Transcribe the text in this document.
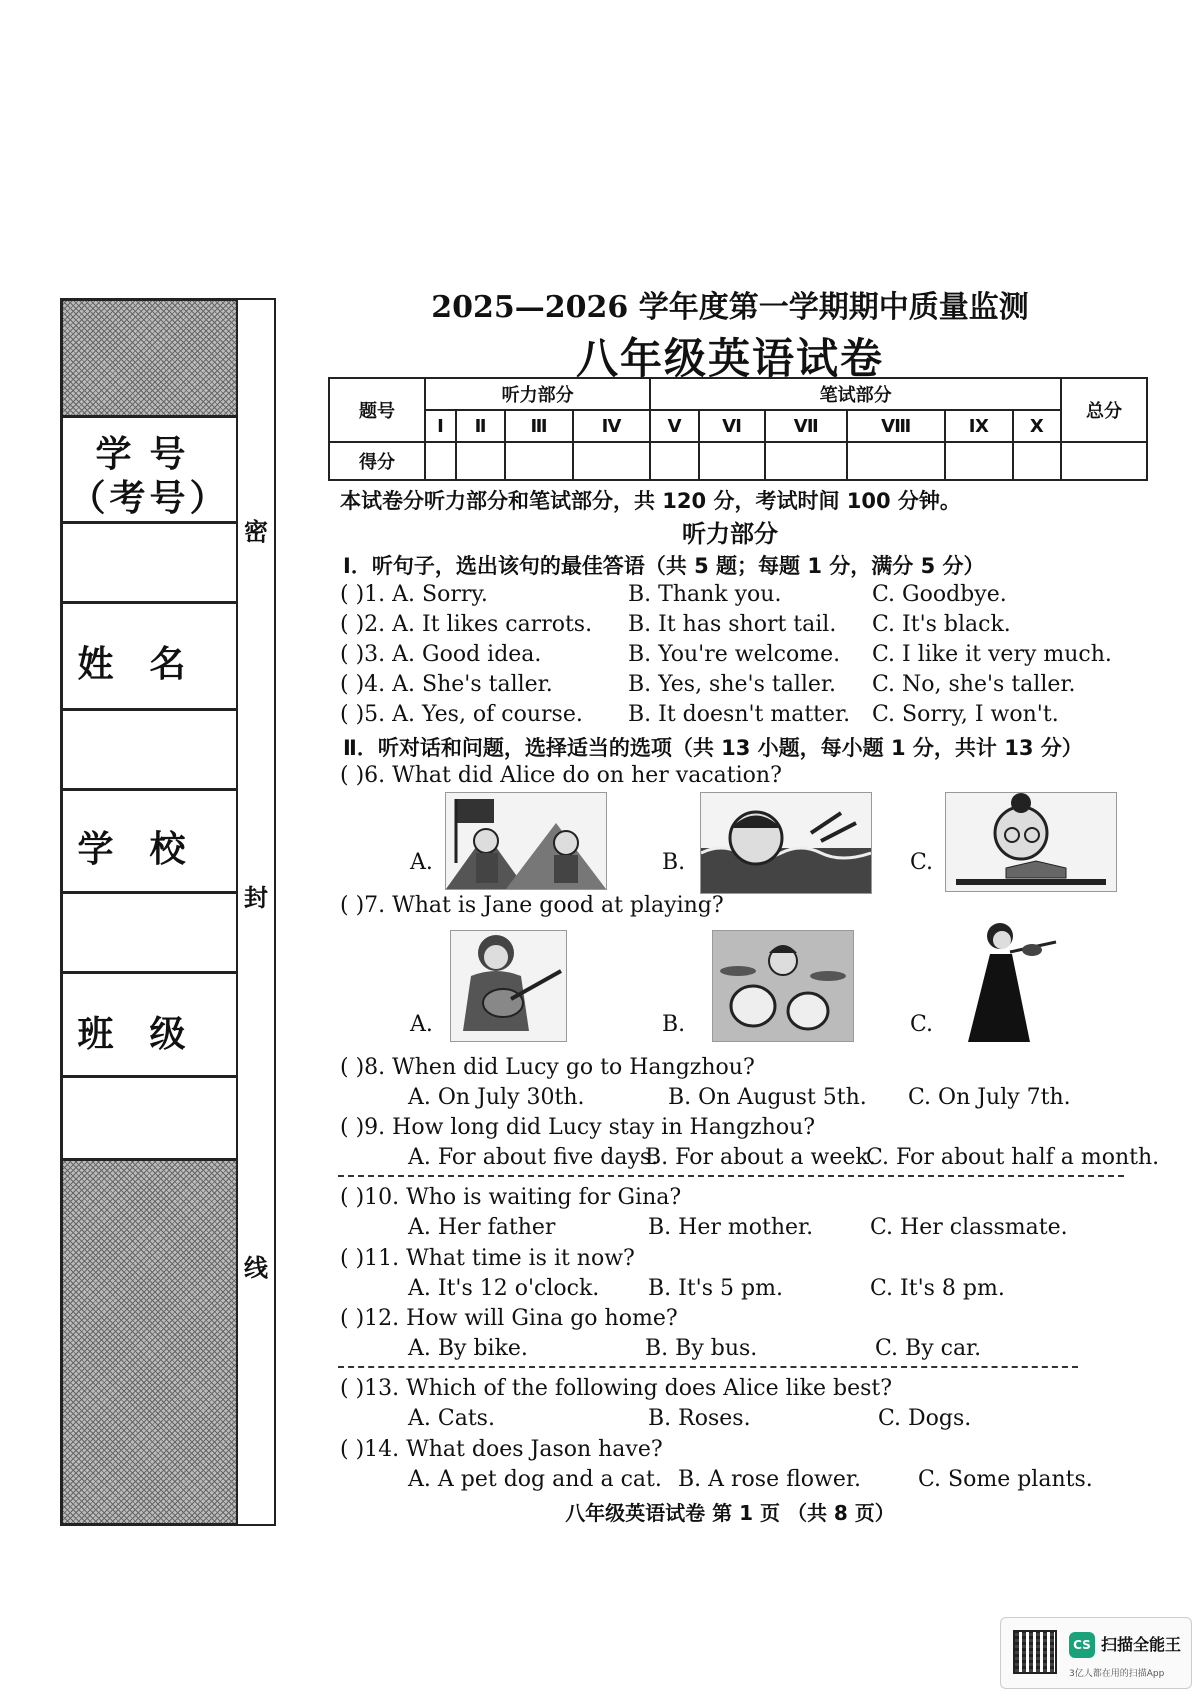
学号
（考号）
姓名
学校
班级
密
封
线
2025—2026 学年度第一学期期中质量监测
八年级英语试卷
题号	听力部分				笔试部分						总分
	Ⅰ	Ⅱ	Ⅲ	Ⅳ	Ⅴ	Ⅵ	Ⅶ	Ⅷ	Ⅸ	Ⅹ	
得分											
本试卷分听力部分和笔试部分，共 120 分，考试时间 100 分钟。
听力部分
Ⅰ．听句子，选出该句的最佳答语（共 5 题；每题 1 分，满分 5 分）
( )1. A. Sorry.	B. Thank you.	C. Goodbye.
( )2. A. It likes carrots. B. It has short tail. C. It's black.
( )3. A. Good idea.	B. You're welcome. C. I like it very much.
( )4. A. She's taller.	B. Yes, she's taller. C. No, she's taller.
( )5. A. Yes, of course. B. It doesn't matter. C. Sorry, I won't.
Ⅱ．听对话和问题，选择适当的选项（共 13 小题，每小题 1 分，共计 13 分）
( )6. What did Alice do on her vacation?
A.	B.	C.
( )7. What is Jane good at playing?
A.	B.	C.
( )8. When did Lucy go to Hangzhou?
A. On July 30th.	B. On August 5th. C. On July 7th.
( )9. How long did Lucy stay in Hangzhou?
A. For about five days.
B. For about a week.
C. For about half a month.
( )10. Who is waiting for Gina?
A. Her father	B. Her mother.	C. Her classmate.
( )11. What time is it now?
A. It's 12 o'clock. B. It's 5 pm.	C. It's 8 pm.
( )12. How will Gina go home?
A. By bike.	B. By bus.	C. By car.
( )13. Which of the following does Alice like best?
A. Cats.	B. Roses.	C. Dogs.
( )14. What does Jason have?
A. A pet dog and a cat. B. A rose flower.	C. Some plants.
八年级英语试卷 第 1 页 （共 8 页）
CS 扫描全能王
3亿人都在用的扫描App
